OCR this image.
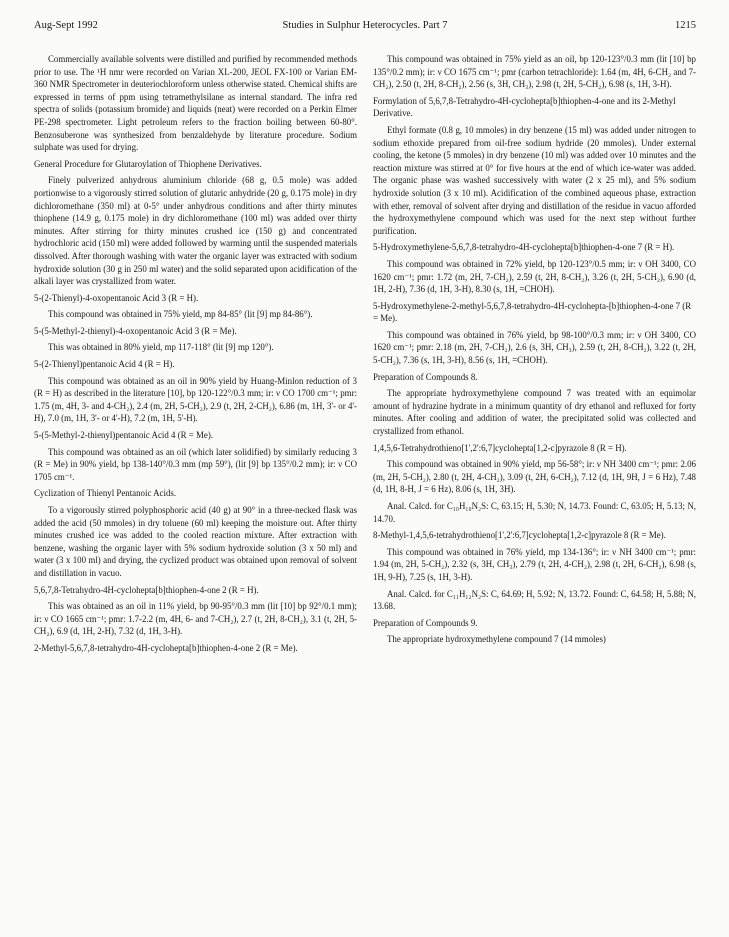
Aug-Sept 1992	Studies in Sulphur Heterocycles. Part 7	1215
Commercially available solvents were distilled and purified by recommended methods prior to use. The ¹H nmr were recorded on Varian XL-200, JEOL FX-100 or Varian EM-360 NMR Spectrometer in deuteriochloroform unless otherwise stated. Chemical shifts are expressed in terms of ppm using tetramethylsilane as internal standard. The infra red spectra of solids (potassium bromide) and liquids (neat) were recorded on a Perkin Elmer PE-298 spectrometer. Light petroleum refers to the fraction boiling between 60-80°. Benzosuberone was synthesized from benzaldehyde by literature procedure. Sodium sulphate was used for drying.
General Procedure for Glutaroylation of Thiophene Derivatives.
Finely pulverized anhydrous aluminium chloride (68 g, 0.5 mole) was added portionwise to a vigorously stirred solution of glutaric anhydride (20 g, 0.175 mole) in dry dichloromethane (350 ml) at 0-5° under anhydrous conditions and after thirty minutes thiophene (14.9 g, 0.175 mole) in dry dichloromethane (100 ml) was added over thirty minutes. After stirring for thirty minutes crushed ice (150 g) and concentrated hydrochloric acid (150 ml) were added followed by warming until the suspended materials dissolved. After thorough washing with water the organic layer was extracted with sodium hydroxide solution (30 g in 250 ml water) and the solid separated upon acidification of the alkali layer was crystallized from water.
5-(2-Thienyl)-4-oxopentanoic Acid 3 (R = H).
This compound was obtained in 75% yield, mp 84-85° (lit [9] mp 84-86°).
5-(5-Methyl-2-thienyl)-4-oxopentanoic Acid 3 (R = Me).
This was obtained in 80% yield, mp 117-118° (lit [9] mp 120°).
5-(2-Thienyl)pentanoic Acid 4 (R = H).
This compound was obtained as an oil in 90% yield by Huang-Minlon reduction of 3 (R = H) as described in the literature [10], bp 120-122°/0.3 mm; ir: ν CO 1700 cm⁻¹; pmr: 1.75 (m, 4H, 3- and 4-CH₂), 2.4 (m, 2H, 5-CH₂), 2.9 (t, 2H, 2-CH₂), 6.86 (m, 1H, 3'- or 4'-H), 7.0 (m, 1H, 3'- or 4'-H), 7.2 (m, 1H, 5'-H).
5-(5-Methyl-2-thienyl)pentanoic Acid 4 (R = Me).
This compound was obtained as an oil (which later solidified) by similarly reducing 3 (R = Me) in 90% yield, bp 138-140°/0.3 mm (mp 59°), (lit [9] bp 135°/0.2 mm); ir: ν CO 1705 cm⁻¹.
Cyclization of Thienyl Pentanoic Acids.
To a vigorously stirred polyphosphoric acid (40 g) at 90° in a three-necked flask was added the acid (50 mmoles) in dry toluene (60 ml) keeping the moisture out. After thirty minutes crushed ice was added to the cooled reaction mixture. After extraction with benzene, washing the organic layer with 5% sodium hydroxide solution (3 x 50 ml) and water (3 x 100 ml) and drying, the cyclized product was obtained upon removal of solvent and distillation in vacuo.
5,6,7,8-Tetrahydro-4H-cyclohepta[b]thiophen-4-one 2 (R = H).
This was obtained as an oil in 11% yield, bp 90-95°/0.3 mm (lit [10] bp 92°/0.1 mm); ir: ν CO 1665 cm⁻¹; pmr: 1.7-2.2 (m, 4H, 6- and 7-CH₂), 2.7 (t, 2H, 8-CH₂), 3.1 (t, 2H, 5-CH₂), 6.9 (d, 1H, 2-H), 7.32 (d, 1H, 3-H).
2-Methyl-5,6,7,8-tetrahydro-4H-cyclohepta[b]thiophen-4-one 2 (R = Me).
This compound was obtained in 75% yield as an oil, bp 120-123°/0.3 mm (lit [10] bp 135°/0.2 mm); ir: ν CO 1675 cm⁻¹; pmr (carbon tetrachloride): 1.64 (m, 4H, 6-CH₂ and 7-CH₂), 2.50 (t, 2H, 8-CH₂), 2.56 (s, 3H, CH₃), 2.98 (t, 2H, 5-CH₂), 6.98 (s, 1H, 3-H).
Formylation of 5,6,7,8-Tetrahydro-4H-cyclohepta[b]thiophen-4-one and its 2-Methyl Derivative.
Ethyl formate (0.8 g, 10 mmoles) in dry benzene (15 ml) was added under nitrogen to sodium ethoxide prepared from oil-free sodium hydride (20 mmoles). Under external cooling, the ketone (5 mmoles) in dry benzene (10 ml) was added over 10 minutes and the reaction mixture was stirred at 0° for five hours at the end of which ice-water was added. The organic phase was washed successively with water (2 x 25 ml), and 5% sodium hydroxide solution (3 x 10 ml). Acidification of the combined aqueous phase, extraction with ether, removal of solvent after drying and distillation of the residue in vacuo afforded the hydroxymethylene compound which was used for the next step without further purification.
5-Hydroxymethylene-5,6,7,8-tetrahydro-4H-cyclohepta[b]thiophen-4-one 7 (R = H).
This compound was obtained in 72% yield, bp 120-123°/0.5 mm; ir: ν OH 3400, CO 1620 cm⁻¹; pmr: 1.72 (m, 2H, 7-CH₂), 2.59 (t, 2H, 8-CH₂), 3.26 (t, 2H, 5-CH₂), 6.90 (d, 1H, 2-H), 7.36 (d, 1H, 3-H), 8.30 (s, 1H, =CHOH).
5-Hydroxymethylene-2-methyl-5,6,7,8-tetrahydro-4H-cyclohepta-[b]thiophen-4-one 7 (R = Me).
This compound was obtained in 76% yield, bp 98-100°/0.3 mm; ir: ν OH 3400, CO 1620 cm⁻¹; pmr: 2.18 (m, 2H, 7-CH₂), 2.6 (s, 3H, CH₃), 2.59 (t, 2H, 8-CH₂), 3.22 (t, 2H, 5-CH₂), 7.36 (s, 1H, 3-H), 8.56 (s, 1H, =CHOH).
Preparation of Compounds 8.
The appropriate hydroxymethylene compound 7 was treated with an equimolar amount of hydrazine hydrate in a minimum quantity of dry ethanol and refluxed for forty minutes. After cooling and addition of water, the precipitated solid was collected and crystallized from ethanol.
1,4,5,6-Tetrahydrothieno[1',2':6,7]cyclohepta[1,2-c]pyrazole 8 (R = H).
This compound was obtained in 90% yield, mp 56-58°; ir: ν NH 3400 cm⁻¹; pmr: 2.06 (m, 2H, 5-CH₂), 2.80 (t, 2H, 4-CH₂), 3.09 (t, 2H, 6-CH₂), 7.12 (d, 1H, 9H, J = 6 Hz), 7.48 (d, 1H, 8-H, J = 6 Hz), 8.06 (s, 1H, 3H).
Anal. Calcd. for C₁₀H₁₀N₂S: C, 63.15; H, 5.30; N, 14.73. Found: C, 63.05; H, 5.13; N, 14.70.
8-Methyl-1,4,5,6-tetrahydrothieno[1',2':6,7]cyclohepta[1,2-c]pyrazole 8 (R = Me).
This compound was obtained in 76% yield, mp 134-136°; ir: ν NH 3400 cm⁻¹; pmr: 1.94 (m, 2H, 5-CH₂), 2.32 (s, 3H, CH₃), 2.79 (t, 2H, 4-CH₂), 2.98 (t, 2H, 6-CH₂), 6.98 (s, 1H, 9-H), 7.25 (s, 1H, 3-H).
Anal. Calcd. for C₁₁H₁₂N₂S: C, 64.69; H, 5.92; N, 13.72. Found: C, 64.58; H, 5.88; N, 13.68.
Preparation of Compounds 9.
The appropriate hydroxymethylene compound 7 (14 mmoles)
